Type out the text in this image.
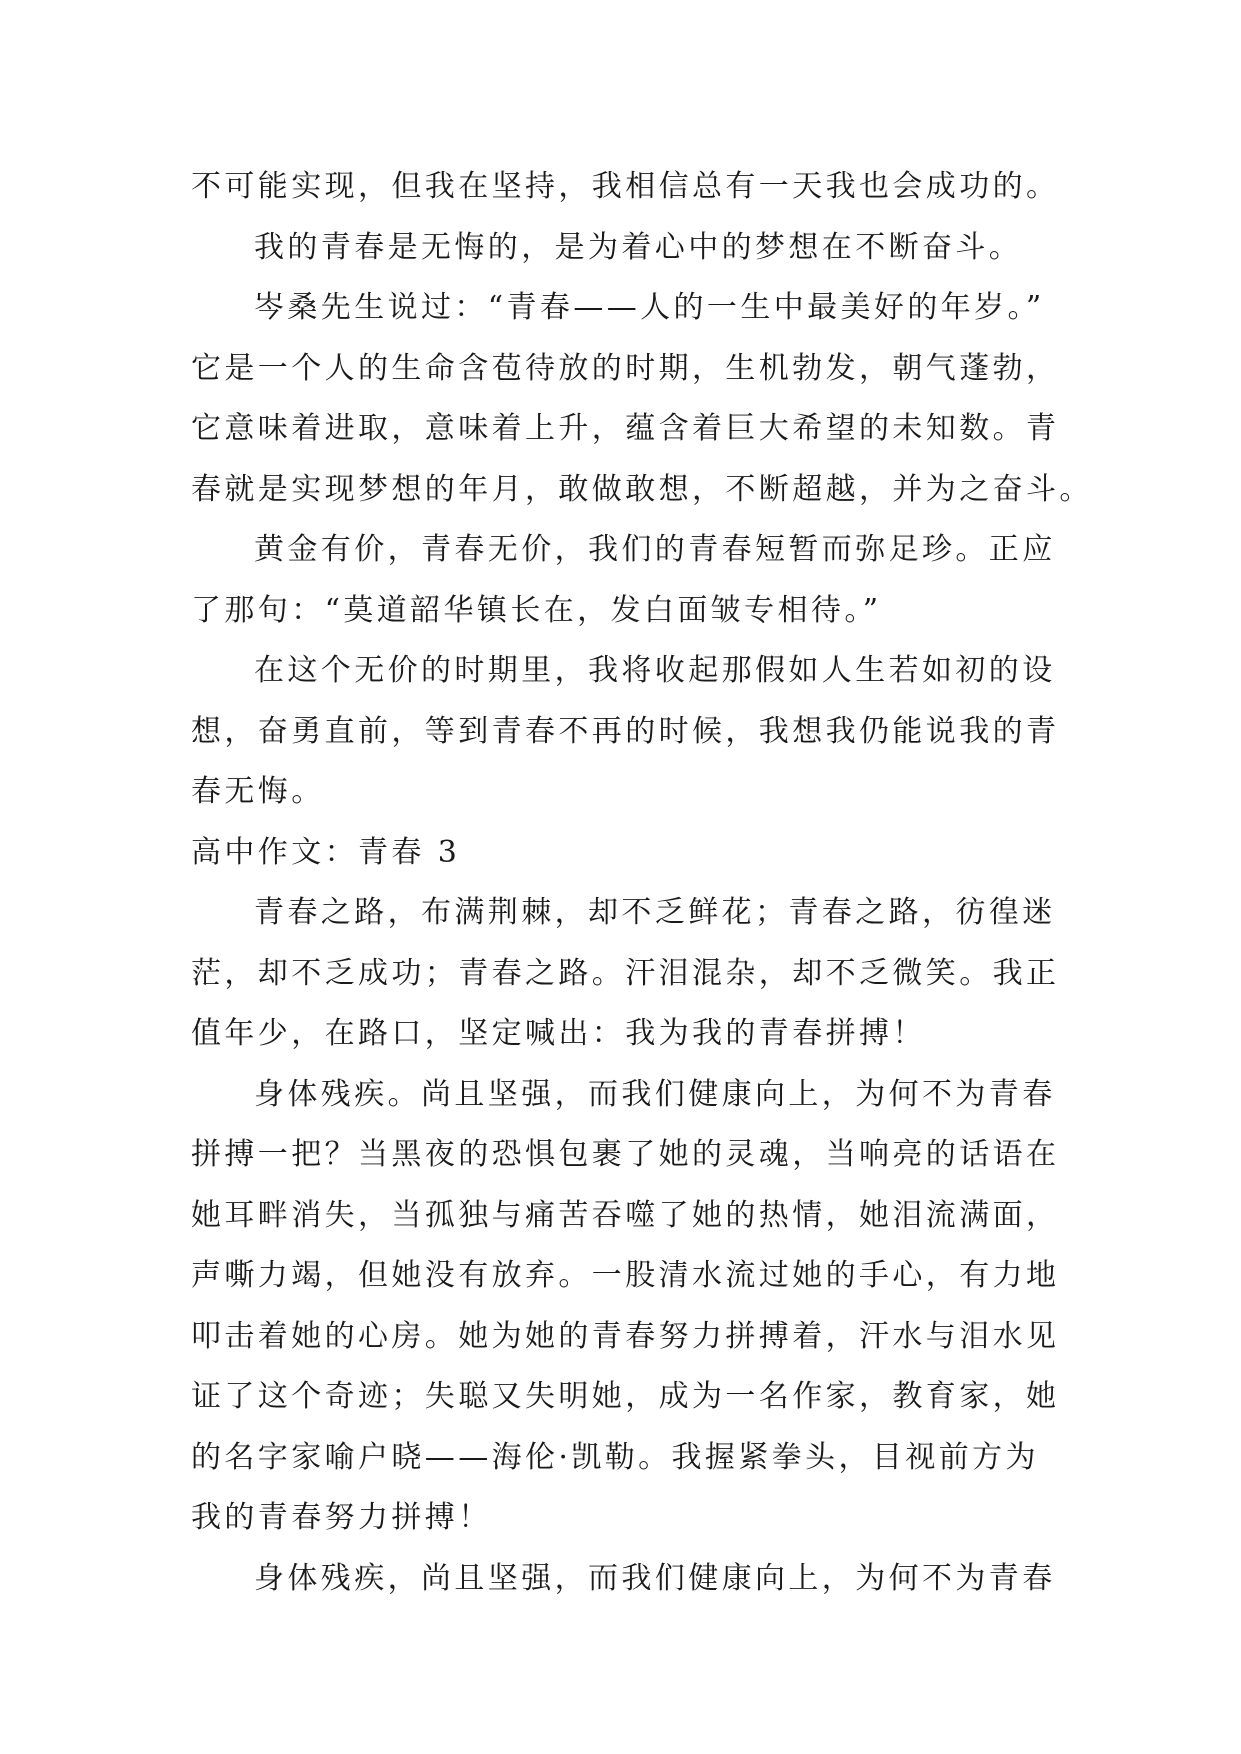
不可能实现，但我在坚持，我相信总有一天我也会成功的。
我的青春是无悔的，是为着心中的梦想在不断奋斗。
岑桑先生说过：“青春——人的一生中最美好的年岁。”
它是一个人的生命含苞待放的时期，生机勃发，朝气蓬勃，
它意味着进取，意味着上升，蕴含着巨大希望的未知数。青
春就是实现梦想的年月，敢做敢想，不断超越，并为之奋斗。
黄金有价，青春无价，我们的青春短暂而弥足珍。正应
了那句：“莫道韶华镇长在，发白面皱专相待。”
在这个无价的时期里，我将收起那假如人生若如初的设
想，奋勇直前，等到青春不再的时候，我想我仍能说我的青
春无悔。
高中作文：青春 3
青春之路，布满荆棘，却不乏鲜花；青春之路，彷徨迷
茫，却不乏成功；青春之路。汗泪混杂，却不乏微笑。我正
值年少，在路口，坚定喊出：我为我的青春拼搏！
身体残疾。尚且坚强，而我们健康向上，为何不为青春
拼搏一把？当黑夜的恐惧包裹了她的灵魂，当响亮的话语在
她耳畔消失，当孤独与痛苦吞噬了她的热情，她泪流满面，
声嘶力竭，但她没有放弃。一股清水流过她的手心，有力地
叩击着她的心房。她为她的青春努力拼搏着，汗水与泪水见
证了这个奇迹；失聪又失明她，成为一名作家，教育家，她
的名字家喻户晓——海伦·凯勒。我握紧拳头，目视前方为
我的青春努力拼搏！
身体残疾，尚且坚强，而我们健康向上，为何不为青春
